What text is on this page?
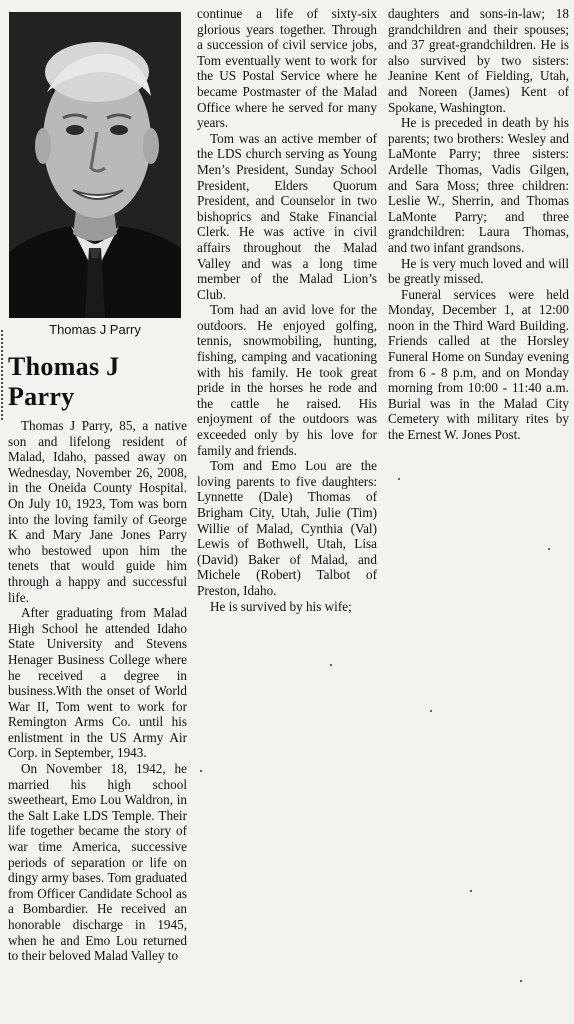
Thomas J Parry
Thomas J Parry

Thomas J Parry, 85, a native son and lifelong resident of Malad, Idaho, passed away on Wednesday, November 26, 2008, in the Oneida County Hospital. On July 10, 1923, Tom was born into the loving family of George K and Mary Jane Jones Parry who bestowed upon him the tenets that would guide him through a happy and successful life.

After graduating from Malad High School he attended Idaho State University and Stevens Henager Business College where he received a degree in business.With the onset of World War II, Tom went to work for Remington Arms Co. until his enlistment in the US Army Air Corp. in September, 1943.

On November 18, 1942, he married his high school sweetheart, Emo Lou Waldron, in the Salt Lake LDS Temple. Their life together became the story of war time America, successive periods of separation or life on dingy army bases. Tom graduated from Officer Candidate School as a Bombardier. He received an honorable discharge in 1945, when he and Emo Lou returned to their beloved Malad Valley to

continue a life of sixty-six glorious years together. Through a succession of civil service jobs, Tom eventually went to work for the US Postal Service where he became Postmaster of the Malad Office where he served for many years.

Tom was an active member of the LDS church serving as Young Men’s President, Sunday School President, Elders Quorum President, and Counselor in two bishoprics and Stake Financial Clerk. He was active in civil affairs throughout the Malad Valley and was a long time member of the Malad Lion’s Club.

Tom had an avid love for the outdoors. He enjoyed golfing, tennis, snowmobiling, hunting, fishing, camping and vacationing with his family. He took great pride in the horses he rode and the cattle he raised. His enjoyment of the outdoors was exceeded only by his love for family and friends.

Tom and Emo Lou are the loving parents to five daughters: Lynnette (Dale) Thomas of Brigham City, Utah, Julie (Tim) Willie of Malad, Cynthia (Val) Lewis of Bothwell, Utah, Lisa (David) Baker of Malad, and Michele (Robert) Talbot of Preston, Idaho.

He is survived by his wife;

daughters and sons-in-law; 18 grandchildren and their spouses; and 37 great-grandchildren. He is also survived by two sisters: Jeanine Kent of Fielding, Utah, and Noreen (James) Kent of Spokane, Washington.

He is preceded in death by his parents; two brothers: Wesley and LaMonte Parry; three sisters: Ardelle Thomas, Vadis Gilgen, and Sara Moss; three children: Leslie W., Sherrin, and Thomas LaMonte Parry; and three grandchildren: Laura Thomas, and two infant grandsons.

He is very much loved and will be greatly missed.

Funeral services were held Monday, December 1, at 12:00 noon in the Third Ward Building. Friends called at the Horsley Funeral Home on Sunday evening from 6 - 8 p.m, and on Monday morning from 10:00 - 11:40 a.m. Burial was in the Malad City Cemetery with military rites by the Ernest W. Jones Post.
